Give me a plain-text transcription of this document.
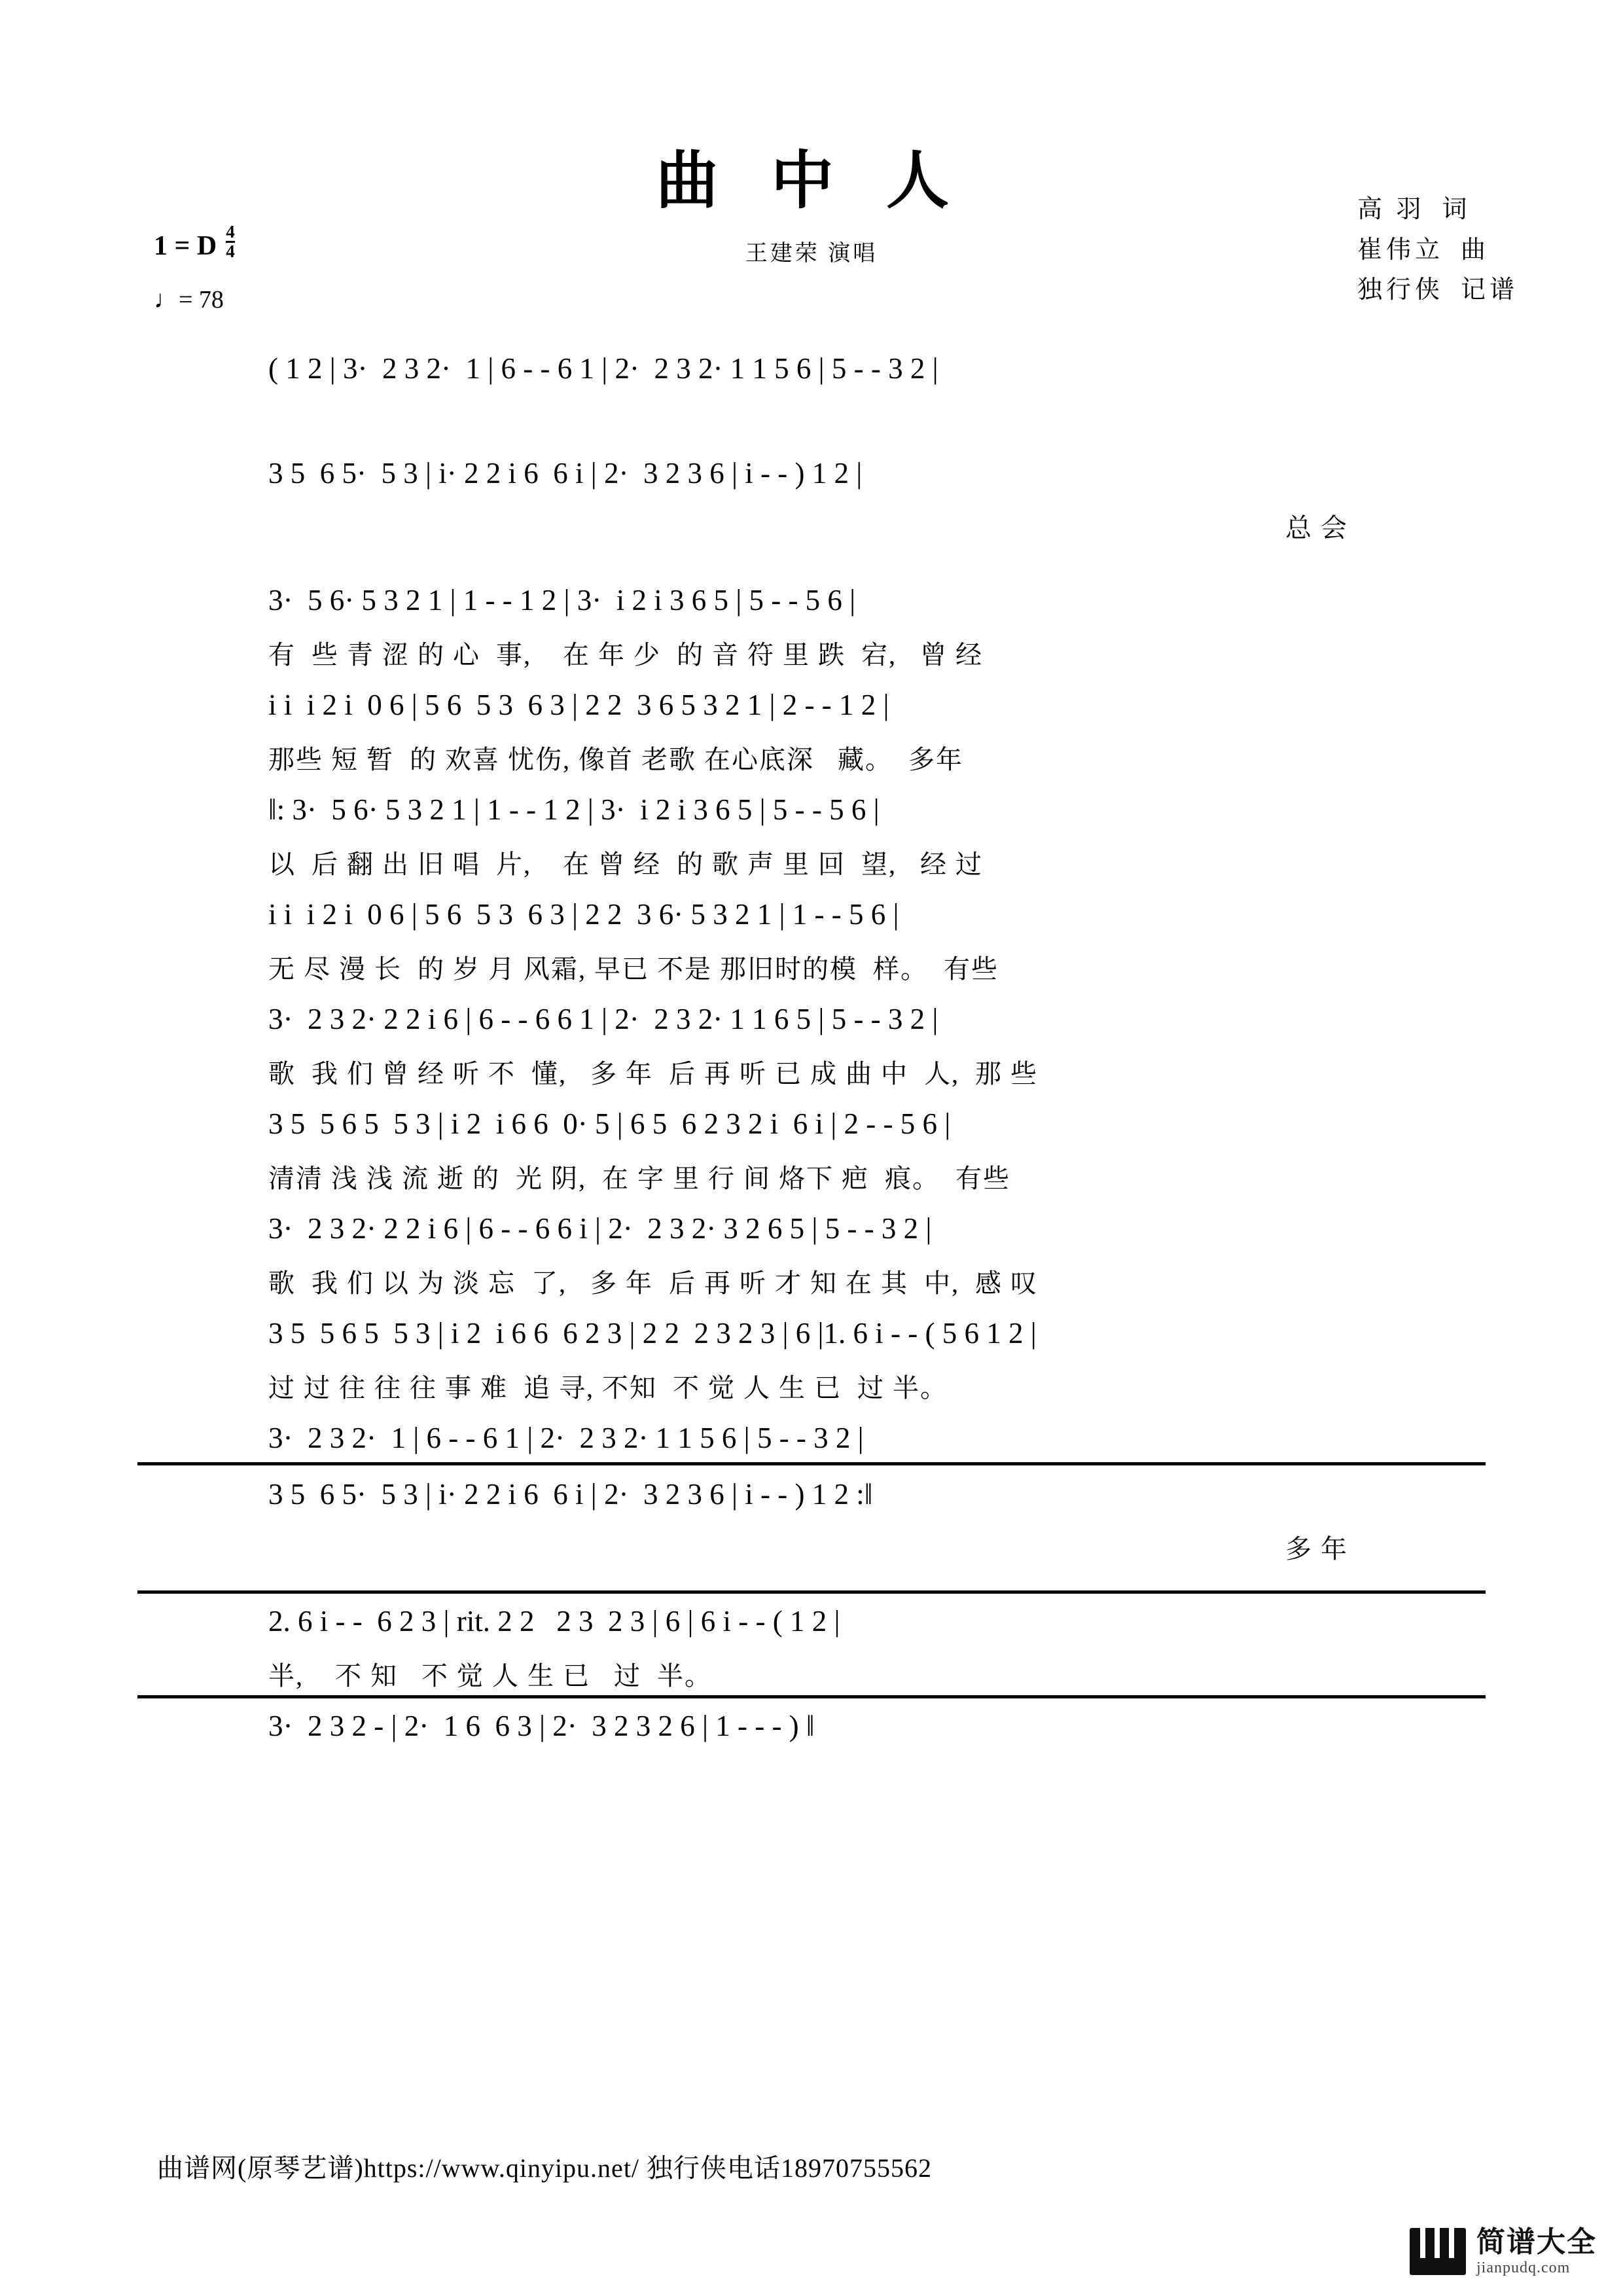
曲 中 人
王建荣 演唱
高 羽 词
崔伟立 曲
独行侠 记谱
1 = D $\frac{4}{4}$
♩= 78
( 1 2 | 3·  2 3 2·  1 | 6 - - 6 1 | 2·  2 3 2· 1 1 5 6 | 5 - - 3 2 |
3 5  6 5·  5 3 | i· 2 2 i 6  6 i | 2·  3 2 3 6 | i - - ) 1 2 |
总 会
3·  5 6· 5 3 2 1 | 1 - - 1 2 | 3·  i 2 i 3 6 5 | 5 - - 5 6 |
有  些 青 涩 的 心  事,    在 年 少  的 音 符 里 跌  宕,   曾 经
i i  i 2 i  0 6 | 5 6  5 3  6 3 | 2 2  3 6 5 3 2 1 | 2 - - 1 2 |
那些 短 暂  的 欢喜 忧伤, 像首 老歌 在心底深   藏。  多年
‖: 3·  5 6· 5 3 2 1 | 1 - - 1 2 | 3·  i 2 i 3 6 5 | 5 - - 5 6 |
以  后 翻 出 旧 唱  片,    在 曾 经  的 歌 声 里 回  望,   经 过
i i  i 2 i  0 6 | 5 6  5 3  6 3 | 2 2  3 6· 5 3 2 1 | 1 - - 5 6 |
无 尽 漫 长  的 岁 月 风霜, 早已 不是 那旧时的模  样。  有些
3·  2 3 2· 2 2 i 6 | 6 - - 6 6 1 | 2·  2 3 2· 1 1 6 5 | 5 - - 3 2 |
歌  我 们 曾 经 听 不  懂,   多 年  后 再 听 已 成 曲 中  人,  那 些
3 5  5 6 5  5 3 | i 2  i 6 6  0· 5 | 6 5  6 2 3 2 i  6 i | 2 - - 5 6 |
清清 浅 浅 流 逝 的  光 阴,  在 字 里 行 间 烙下 疤  痕。  有些
3·  2 3 2· 2 2 i 6 | 6 - - 6 6 i | 2·  2 3 2· 3 2 6 5 | 5 - - 3 2 |
歌  我 们 以 为 淡 忘  了,   多 年  后 再 听 才 知 在 其  中,  感 叹
3 5  5 6 5  5 3 | i 2  i 6 6  6 2 3 | 2 2  2 3 2 3 | 6 |1. 6 i - - ( 5 6 1 2 |
过 过 往 往 往 事 难  追 寻, 不知  不 觉 人 生 已  过 半。
3·  2 3 2·  1 | 6 - - 6 1 | 2·  2 3 2· 1 1 5 6 | 5 - - 3 2 |
3 5  6 5·  5 3 | i· 2 2 i 6  6 i | 2·  3 2 3 6 | i - - ) 1 2 :‖
多 年
2. 6 i - -  6 2 3 | rit. 2 2   2 3  2 3 | 6 | 6 i - - ( 1 2 |
半,    不 知   不 觉 人 生 已   过  半。
3·  2 3 2 - | 2·  1 6  6 3 | 2·  3 2 3 2 6 | 1 - - - ) ‖
曲谱网(原琴艺谱)https://www.qinyipu.net/ 独行侠电话18970755562
简谱大全
jianpudq.com
